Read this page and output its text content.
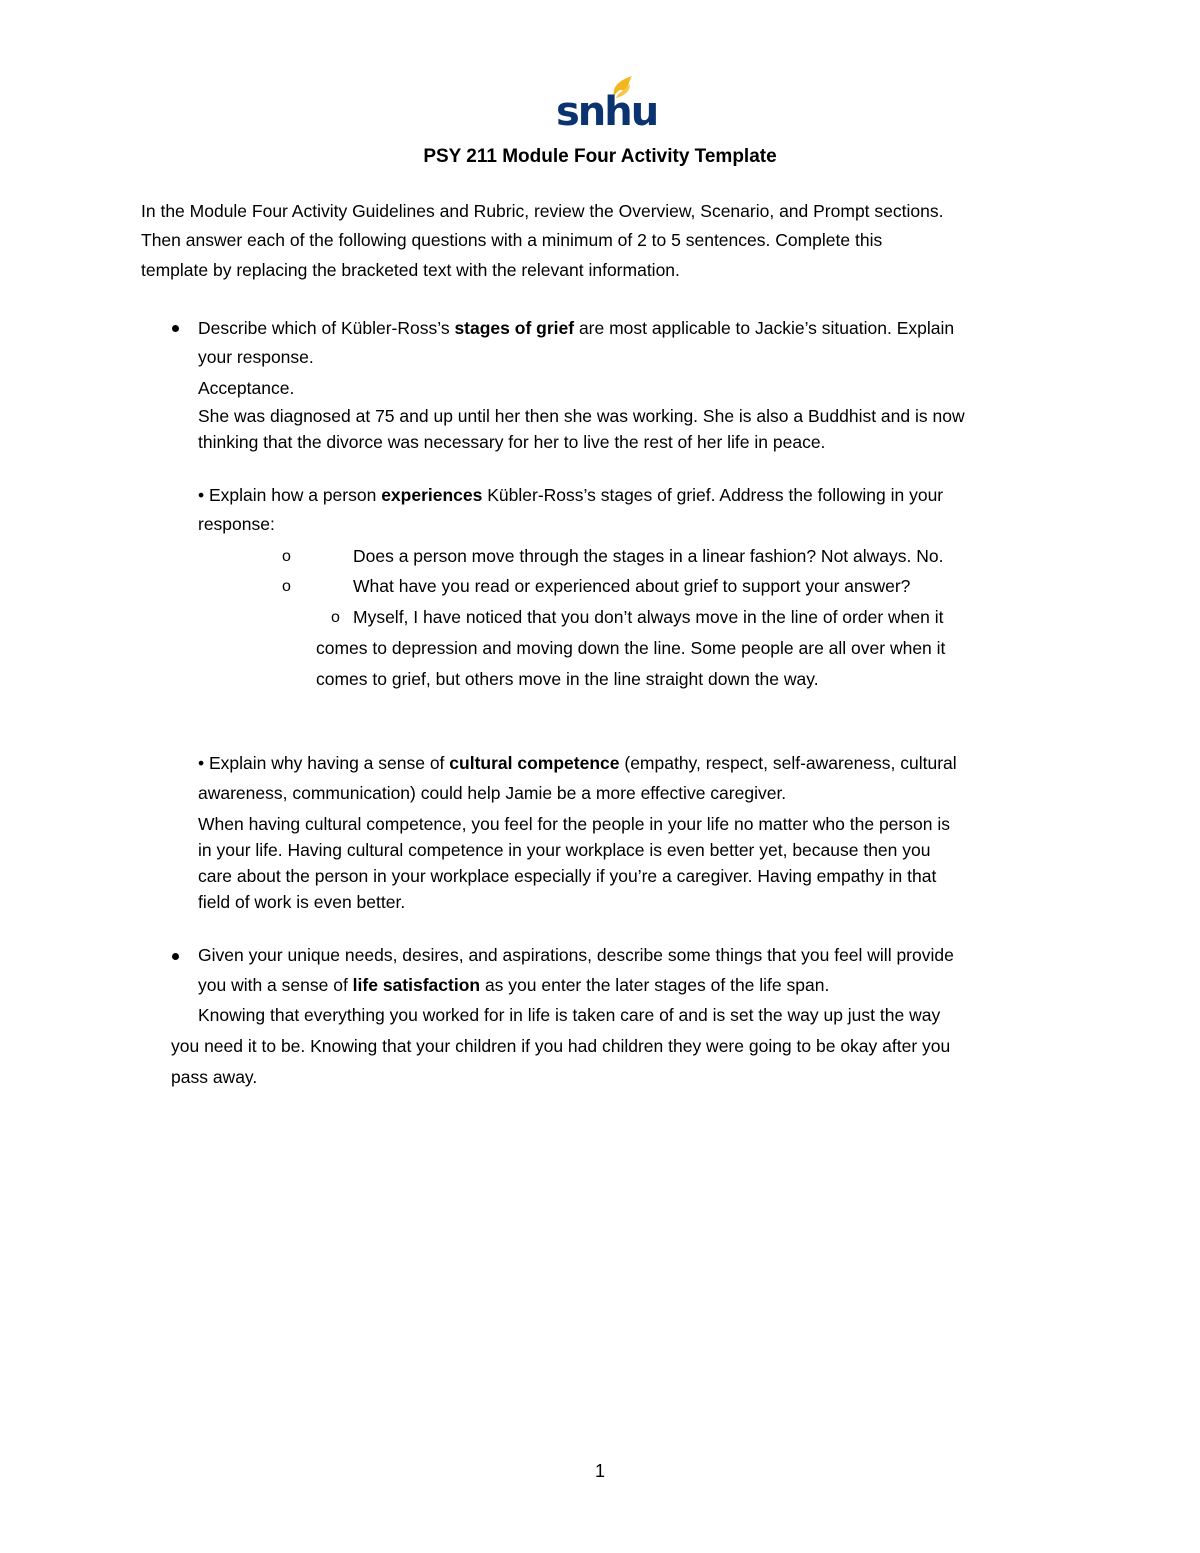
snhu
PSY 211 Module Four Activity Template
In the Module Four Activity Guidelines and Rubric, review the Overview, Scenario, and Prompt sections.
Then answer each of the following questions with a minimum of 2 to 5 sentences. Complete this
template by replacing the bracketed text with the relevant information.
Describe which of Kübler-Ross’s stages of grief are most applicable to Jackie’s situation. Explain
your response.
Acceptance.
She was diagnosed at 75 and up until her then she was working. She is also a Buddhist and is now
thinking that the divorce was necessary for her to live the rest of her life in peace.
• Explain how a person experiences Kübler-Ross’s stages of grief. Address the following in your
response:
o	Does a person move through the stages in a linear fashion? Not always. No.
o	What have you read or experienced about grief to support your answer?
o Myself, I have noticed that you don’t always move in the line of order when it
comes to depression and moving down the line. Some people are all over when it
comes to grief, but others move in the line straight down the way.
• Explain why having a sense of cultural competence (empathy, respect, self-awareness, cultural
awareness, communication) could help Jamie be a more effective caregiver.
When having cultural competence, you feel for the people in your life no matter who the person is
in your life. Having cultural competence in your workplace is even better yet, because then you
care about the person in your workplace especially if you’re a caregiver. Having empathy in that
field of work is even better.
Given your unique needs, desires, and aspirations, describe some things that you feel will provide
you with a sense of life satisfaction as you enter the later stages of the life span.
Knowing that everything you worked for in life is taken care of and is set the way up just the way
you need it to be. Knowing that your children if you had children they were going to be okay after you
pass away.
1
